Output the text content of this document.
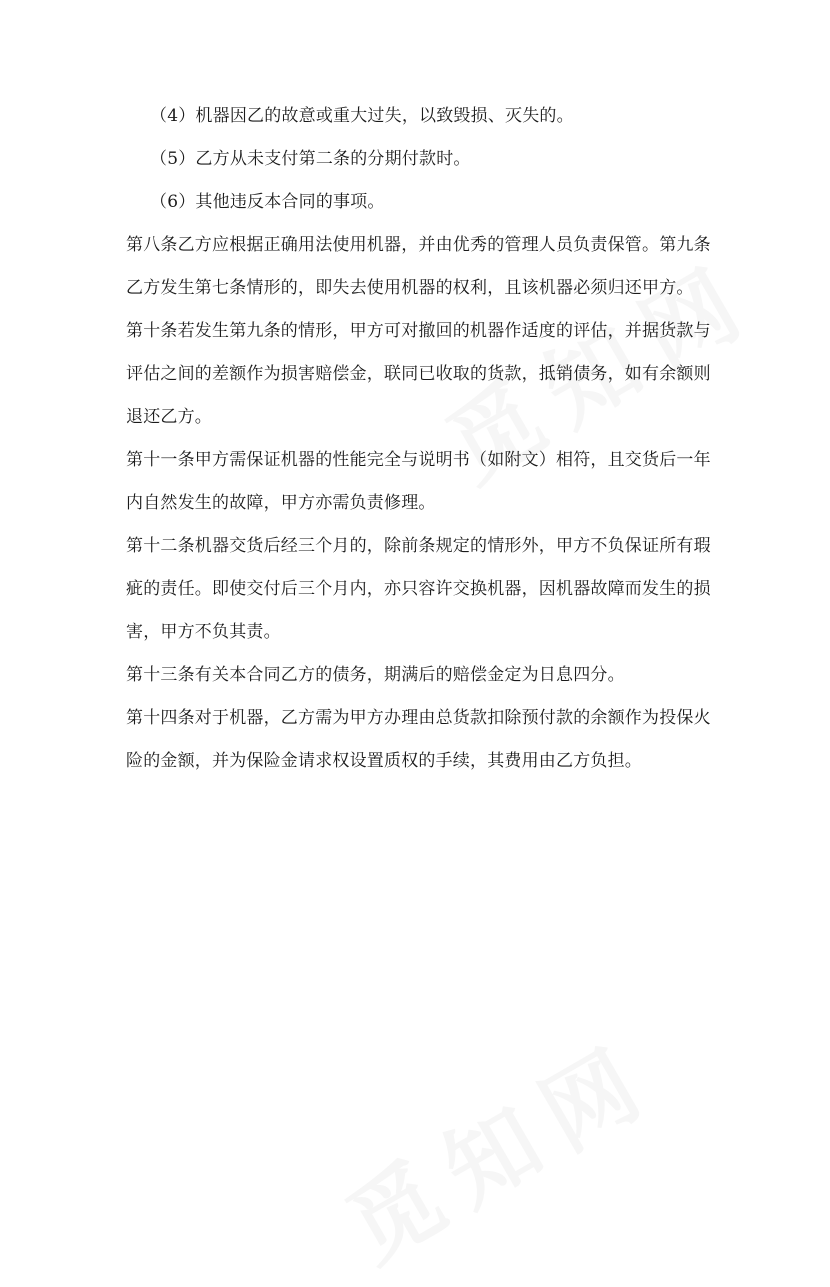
（4）机器因乙的故意或重大过失，以致毁损、灭失的。
（5）乙方从未支付第二条的分期付款时。
（6）其他违反本合同的事项。
第八条乙方应根据正确用法使用机器，并由优秀的管理人员负责保管。第九条
乙方发生第七条情形的，即失去使用机器的权利，且该机器必须归还甲方。
第十条若发生第九条的情形，甲方可对撤回的机器作适度的评估，并据货款与
评估之间的差额作为损害赔偿金，联同已收取的货款，抵销债务，如有余额则
退还乙方。
第十一条甲方需保证机器的性能完全与说明书（如附文）相符，且交货后一年
内自然发生的故障，甲方亦需负责修理。
第十二条机器交货后经三个月的，除前条规定的情形外，甲方不负保证所有瑕
疵的责任。即使交付后三个月内，亦只容许交换机器，因机器故障而发生的损
害，甲方不负其责。
第十三条有关本合同乙方的债务，期满后的赔偿金定为日息四分。
第十四条对于机器，乙方需为甲方办理由总货款扣除预付款的余额作为投保火
险的金额，并为保险金请求权设置质权的手续，其费用由乙方负担。
